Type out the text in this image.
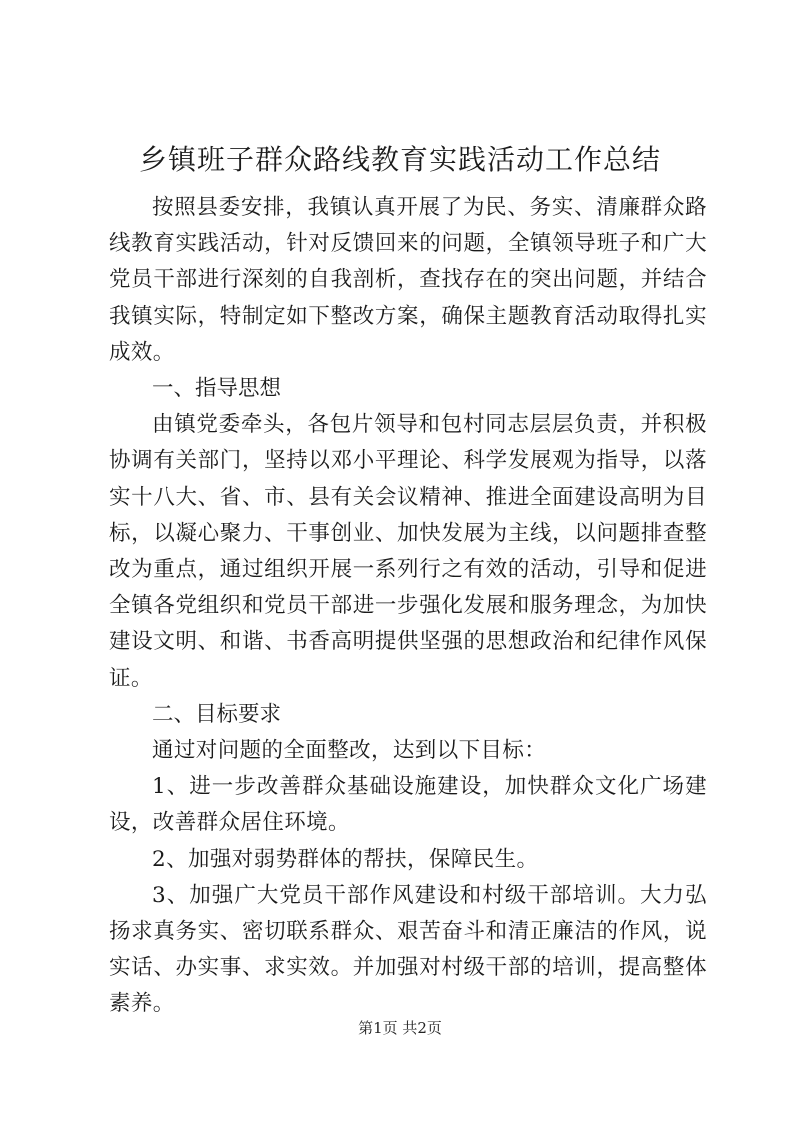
乡镇班子群众路线教育实践活动工作总结

按照县委安排，我镇认真开展了为民、务实、清廉群众路线教育实践活动，针对反馈回来的问题，全镇领导班子和广大党员干部进行深刻的自我剖析，查找存在的突出问题，并结合我镇实际，特制定如下整改方案，确保主题教育活动取得扎实成效。

一、指导思想

由镇党委牵头，各包片领导和包村同志层层负责，并积极协调有关部门，坚持以邓小平理论、科学发展观为指导，以落实十八大、省、市、县有关会议精神、推进全面建设高明为目标，以凝心聚力、干事创业、加快发展为主线，以问题排查整改为重点，通过组织开展一系列行之有效的活动，引导和促进全镇各党组织和党员干部进一步强化发展和服务理念，为加快建设文明、和谐、书香高明提供坚强的思想政治和纪律作风保证。

二、目标要求

通过对问题的全面整改，达到以下目标：

1、进一步改善群众基础设施建设，加快群众文化广场建设，改善群众居住环境。

2、加强对弱势群体的帮扶，保障民生。

3、加强广大党员干部作风建设和村级干部培训。大力弘扬求真务实、密切联系群众、艰苦奋斗和清正廉洁的作风，说实话、办实事、求实效。并加强对村级干部的培训，提高整体素养。

第1页 共2页
